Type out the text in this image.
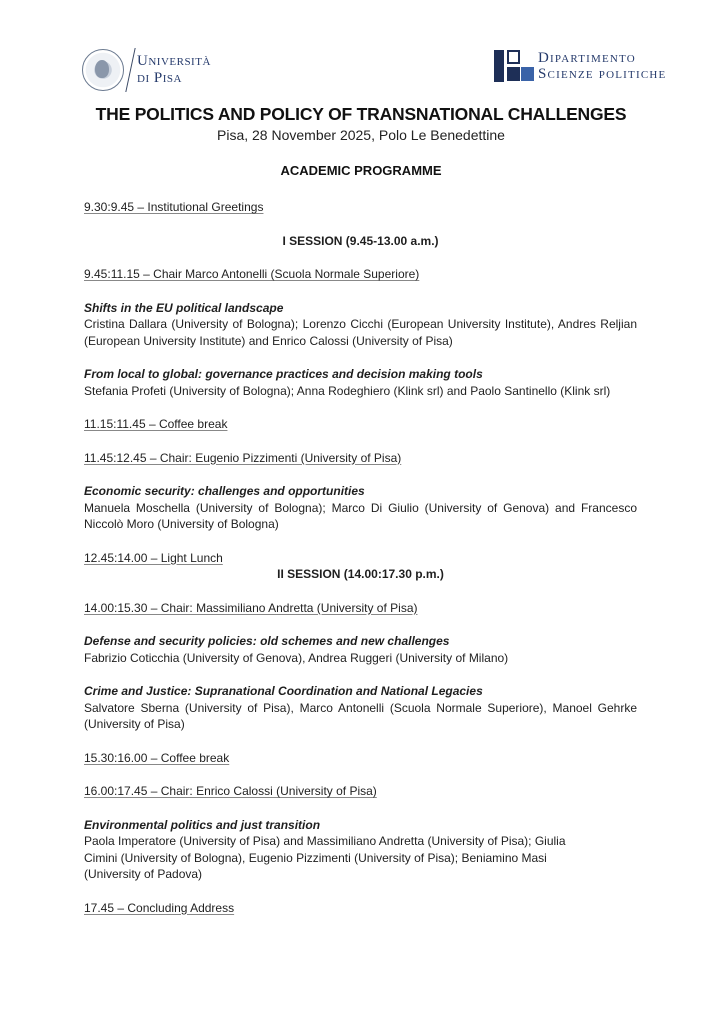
Università
di Pisa
Dipartimento
Scienze politiche
THE POLITICS AND POLICY OF TRANSNATIONAL CHALLENGES
Pisa, 28 November 2025, Polo Le Benedettine
ACADEMIC PROGRAMME
9.30:9.45 – Institutional Greetings
I SESSION (9.45-13.00 a.m.)
9.45:11.15 – Chair Marco Antonelli (Scuola Normale Superiore)
Shifts in the EU political landscape
Cristina Dallara (University of Bologna); Lorenzo Cicchi (European University Institute), Andres Reljian (European University Institute) and Enrico Calossi (University of Pisa)
From local to global: governance practices and decision making tools
Stefania Profeti (University of Bologna); Anna Rodeghiero (Klink srl) and Paolo Santinello (Klink srl)
11.15:11.45 – Coffee break
11.45:12.45 – Chair: Eugenio Pizzimenti (University of Pisa)
Economic security: challenges and opportunities
Manuela Moschella (University of Bologna); Marco Di Giulio (University of Genova) and Francesco Niccolò Moro (University of Bologna)
12.45:14.00 – Light Lunch
II SESSION (14.00:17.30 p.m.)
14.00:15.30 – Chair: Massimiliano Andretta (University of Pisa)
Defense and security policies: old schemes and new challenges
Fabrizio Coticchia (University of Genova), Andrea Ruggeri (University of Milano)
Crime and Justice: Supranational Coordination and National Legacies
Salvatore Sberna (University of Pisa), Marco Antonelli (Scuola Normale Superiore), Manoel Gehrke (University of Pisa)
15.30:16.00 – Coffee break
16.00:17.45 – Chair: Enrico Calossi (University of Pisa)
Environmental politics and just transition
Paola Imperatore (University of Pisa) and Massimiliano Andretta (University of Pisa); Giulia Cimini (University of Bologna), Eugenio Pizzimenti (University of Pisa); Beniamino Masi (University of Padova)
17.45 – Concluding Address
